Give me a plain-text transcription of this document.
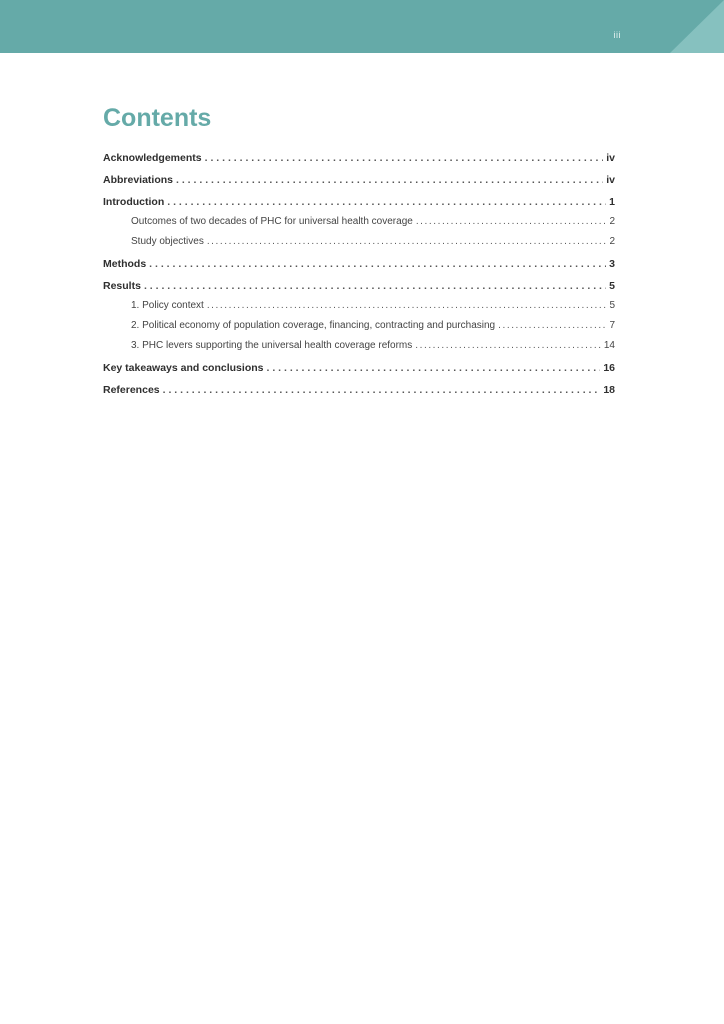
iii
Contents
Acknowledgements . . .	iv
Abbreviations . . .	iv
Introduction . . .	1
Outcomes of two decades of PHC for universal health coverage . . .	2
Study objectives . . .	2
Methods . . .	3
Results . . .	5
1. Policy context . . .	5
2. Political economy of population coverage, financing, contracting and purchasing . . .	7
3. PHC levers supporting the universal health coverage reforms . . .	14
Key takeaways and conclusions . . .	16
References . . .	18
